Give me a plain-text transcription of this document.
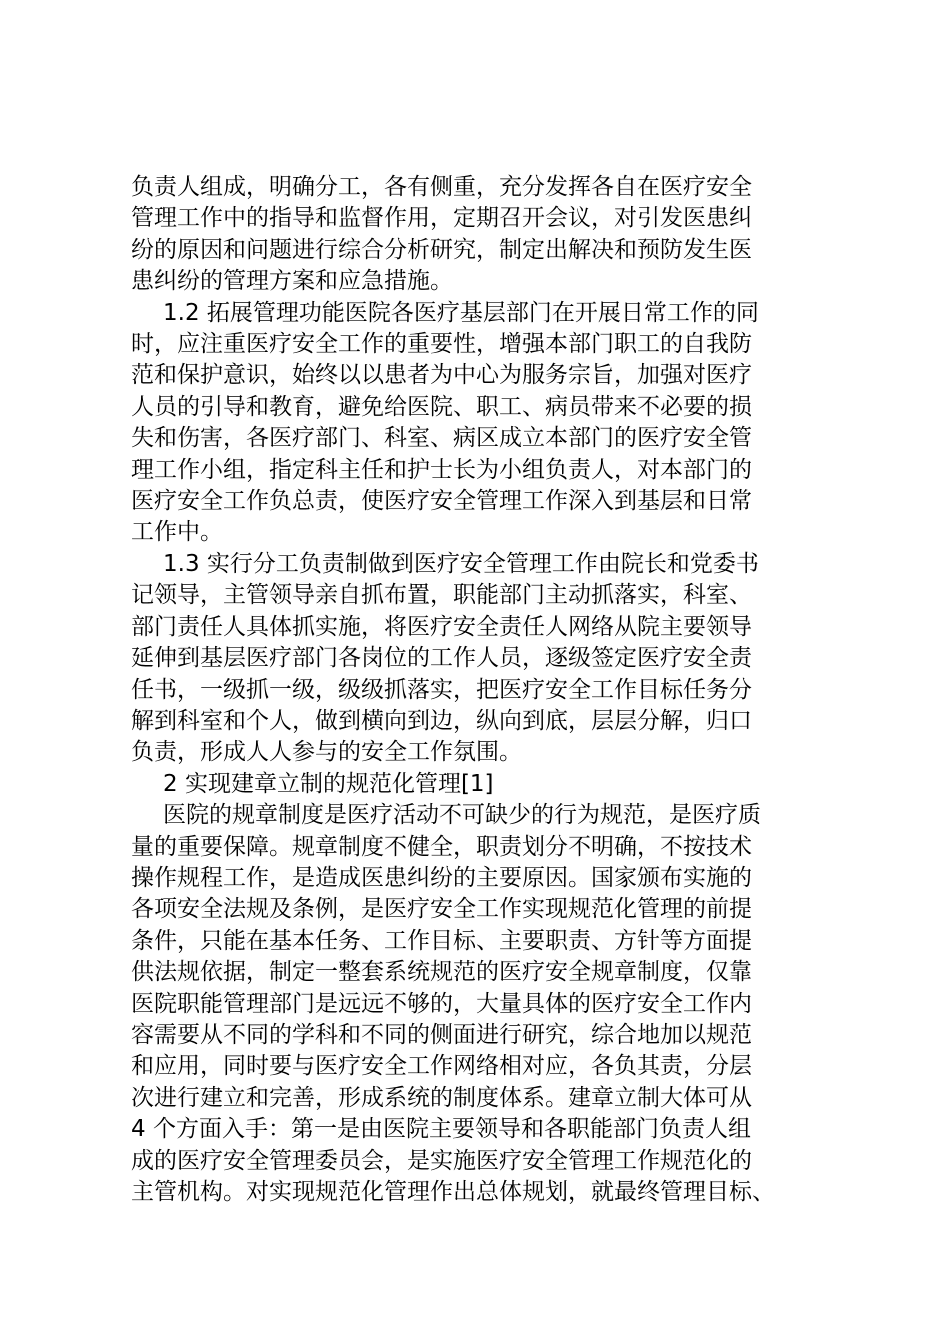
负责人组成，明确分工，各有侧重，充分发挥各自在医疗安全
管理工作中的指导和监督作用，定期召开会议，对引发医患纠
纷的原因和问题进行综合分析研究，制定出解决和预防发生医
患纠纷的管理方案和应急措施。

1.2 拓展管理功能医院各医疗基层部门在开展日常工作的同
时，应注重医疗安全工作的重要性，增强本部门职工的自我防
范和保护意识，始终以以患者为中心为服务宗旨，加强对医疗
人员的引导和教育，避免给医院、职工、病员带来不必要的损
失和伤害，各医疗部门、科室、病区成立本部门的医疗安全管
理工作小组，指定科主任和护士长为小组负责人，对本部门的
医疗安全工作负总责，使医疗安全管理工作深入到基层和日常
工作中。

1.3 实行分工负责制做到医疗安全管理工作由院长和党委书
记领导，主管领导亲自抓布置，职能部门主动抓落实，科室、
部门责任人具体抓实施，将医疗安全责任人网络从院主要领导
延伸到基层医疗部门各岗位的工作人员，逐级签定医疗安全责
任书，一级抓一级，级级抓落实，把医疗安全工作目标任务分
解到科室和个人，做到横向到边，纵向到底，层层分解，归口
负责，形成人人参与的安全工作氛围。

2 实现建章立制的规范化管理[1]

医院的规章制度是医疗活动不可缺少的行为规范，是医疗质
量的重要保障。规章制度不健全，职责划分不明确，不按技术
操作规程工作，是造成医患纠纷的主要原因。国家颁布实施的
各项安全法规及条例，是医疗安全工作实现规范化管理的前提
条件，只能在基本任务、工作目标、主要职责、方针等方面提
供法规依据，制定一整套系统规范的医疗安全规章制度，仅靠
医院职能管理部门是远远不够的，大量具体的医疗安全工作内
容需要从不同的学科和不同的侧面进行研究，综合地加以规范
和应用，同时要与医疗安全工作网络相对应，各负其责，分层
次进行建立和完善，形成系统的制度体系。建章立制大体可从
4 个方面入手：第一是由医院主要领导和各职能部门负责人组
成的医疗安全管理委员会，是实施医疗安全管理工作规范化的
主管机构。对实现规范化管理作出总体规划，就最终管理目标、
